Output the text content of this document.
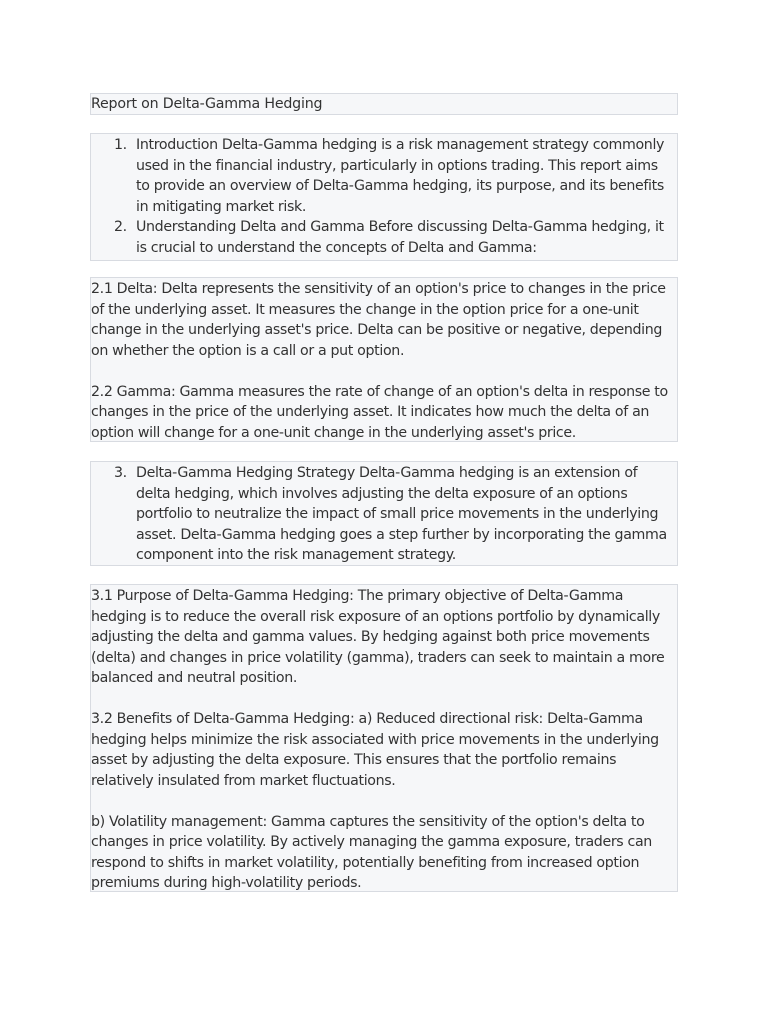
Report on Delta-Gamma Hedging
1. Introduction Delta-Gamma hedging is a risk management strategy commonly used in the financial industry, particularly in options trading. This report aims to provide an overview of Delta-Gamma hedging, its purpose, and its benefits in mitigating market risk.
2. Understanding Delta and Gamma Before discussing Delta-Gamma hedging, it is crucial to understand the concepts of Delta and Gamma:

2.1 Delta: Delta represents the sensitivity of an option's price to changes in the price of the underlying asset. It measures the change in the option price for a one-unit change in the underlying asset's price. Delta can be positive or negative, depending on whether the option is a call or a put option.

2.2 Gamma: Gamma measures the rate of change of an option's delta in response to changes in the price of the underlying asset. It indicates how much the delta of an option will change for a one-unit change in the underlying asset's price.

3. Delta-Gamma Hedging Strategy Delta-Gamma hedging is an extension of delta hedging, which involves adjusting the delta exposure of an options portfolio to neutralize the impact of small price movements in the underlying asset. Delta-Gamma hedging goes a step further by incorporating the gamma component into the risk management strategy.

3.1 Purpose of Delta-Gamma Hedging: The primary objective of Delta-Gamma hedging is to reduce the overall risk exposure of an options portfolio by dynamically adjusting the delta and gamma values. By hedging against both price movements (delta) and changes in price volatility (gamma), traders can seek to maintain a more balanced and neutral position.

3.2 Benefits of Delta-Gamma Hedging: a) Reduced directional risk: Delta-Gamma hedging helps minimize the risk associated with price movements in the underlying asset by adjusting the delta exposure. This ensures that the portfolio remains relatively insulated from market fluctuations.

b) Volatility management: Gamma captures the sensitivity of the option's delta to changes in price volatility. By actively managing the gamma exposure, traders can respond to shifts in market volatility, potentially benefiting from increased option premiums during high-volatility periods.
